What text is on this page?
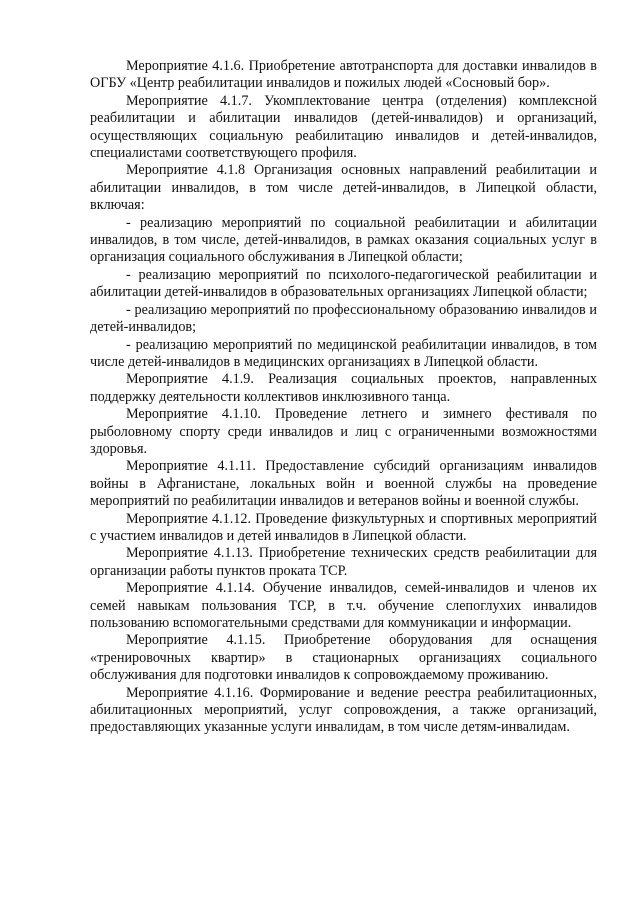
Мероприятие 4.1.6. Приобретение автотранспорта для доставки инвалидов в ОГБУ «Центр реабилитации инвалидов и пожилых людей «Сосновый бор».

Мероприятие 4.1.7. Укомплектование центра (отделения) комплексной реабилитации и абилитации инвалидов (детей-инвалидов) и организаций, осуществляющих социальную реабилитацию инвалидов и детей-инвалидов, специалистами соответствующего профиля.

Мероприятие 4.1.8 Организация основных направлений реабилитации и абилитации инвалидов, в том числе детей-инвалидов, в Липецкой области, включая:

- реализацию мероприятий по социальной реабилитации и абилитации инвалидов, в том числе, детей-инвалидов, в рамках оказания социальных услуг в организация социального обслуживания в Липецкой области;

- реализацию мероприятий по психолого-педагогической реабилитации и абилитации детей-инвалидов в образовательных организациях Липецкой области;

- реализацию мероприятий по профессиональному образованию инвалидов и детей-инвалидов;

- реализацию мероприятий по медицинской реабилитации инвалидов, в том числе детей-инвалидов в медицинских организациях в Липецкой области.

Мероприятие 4.1.9. Реализация социальных проектов, направленных поддержку деятельности коллективов инклюзивного танца.

Мероприятие 4.1.10. Проведение летнего и зимнего фестиваля по рыболовному спорту среди инвалидов и лиц с ограниченными возможностями здоровья.

Мероприятие 4.1.11. Предоставление субсидий организациям инвалидов войны в Афганистане, локальных войн и военной службы на проведение мероприятий по реабилитации инвалидов и ветеранов войны и военной службы.

Мероприятие 4.1.12. Проведение физкультурных и спортивных мероприятий с участием инвалидов и детей инвалидов в Липецкой области.

Мероприятие 4.1.13. Приобретение технических средств реабилитации для организации работы пунктов проката ТСР.

Мероприятие 4.1.14. Обучение инвалидов, семей-инвалидов и членов их семей навыкам пользования ТСР, в т.ч. обучение слепоглухих инвалидов пользованию вспомогательными средствами для коммуникации и информации.

Мероприятие 4.1.15. Приобретение оборудования для оснащения «тренировочных квартир» в стационарных организациях социального обслуживания для подготовки инвалидов к сопровождаемому проживанию.

Мероприятие 4.1.16. Формирование и ведение реестра реабилитационных, абилитационных мероприятий, услуг сопровождения, а также организаций, предоставляющих указанные услуги инвалидам, в том числе детям-инвалидам.
